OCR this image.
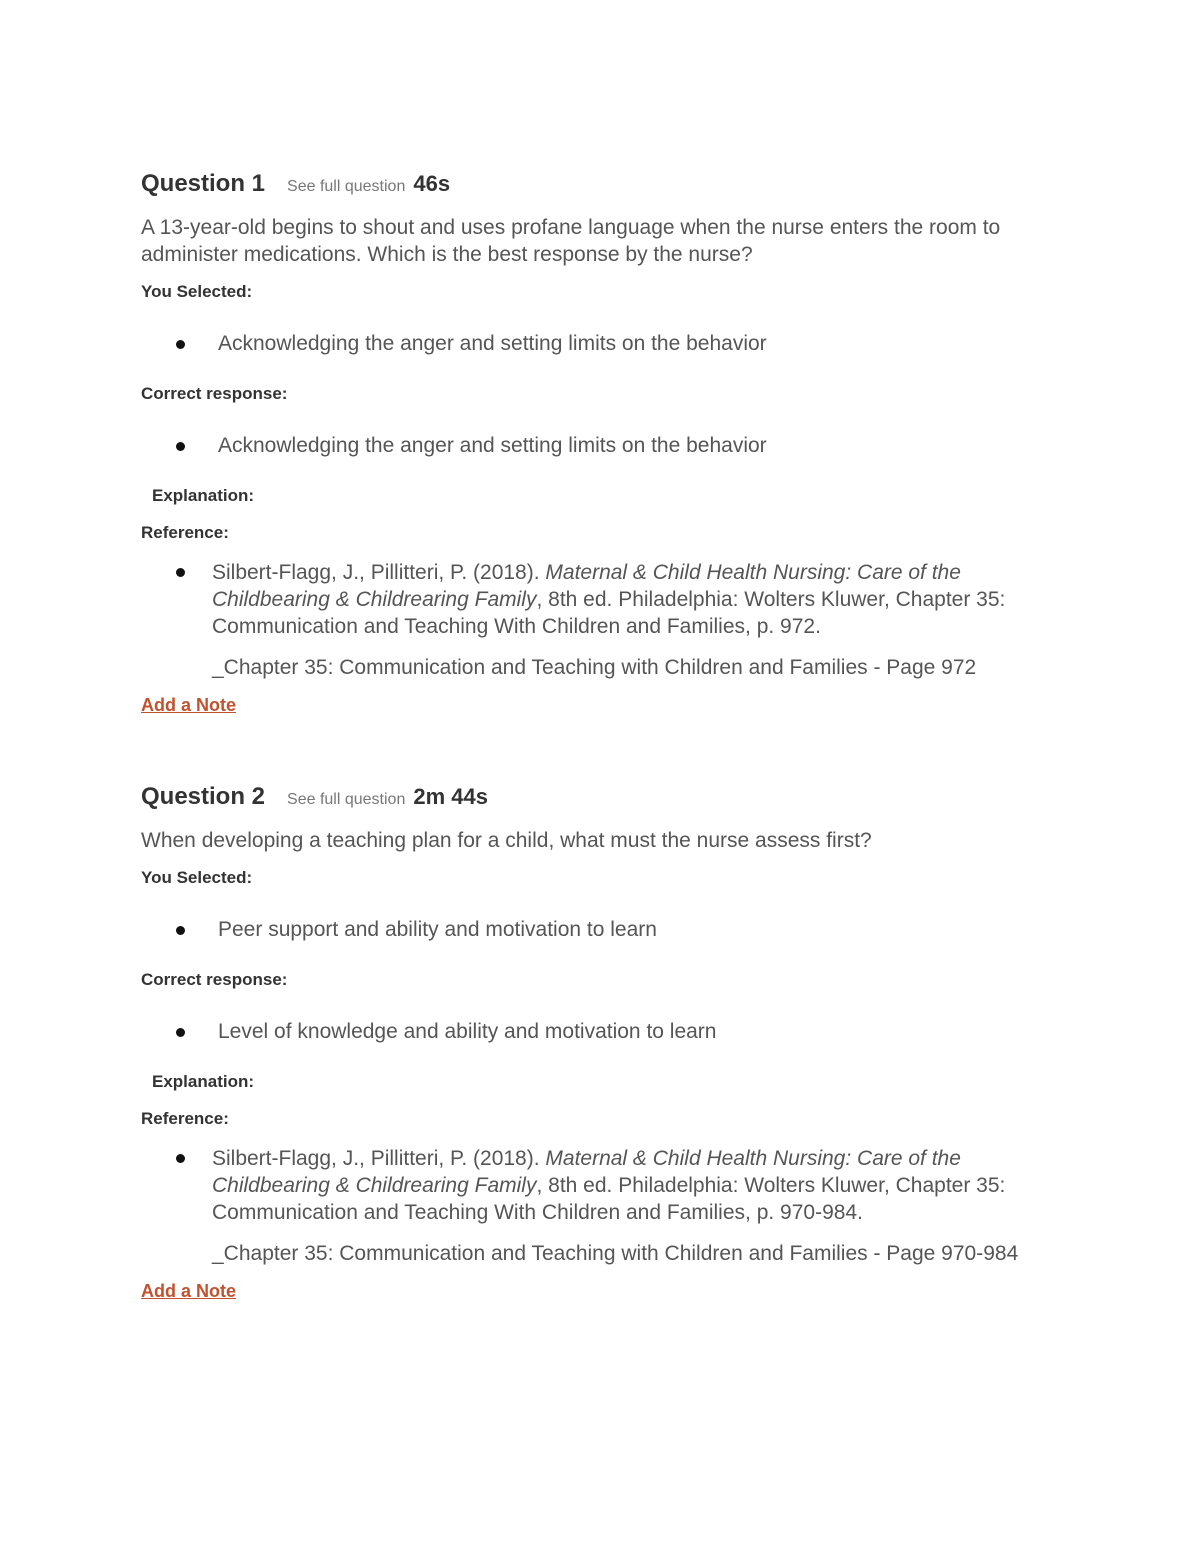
Question 1 See full question 46s
A 13-year-old begins to shout and uses profane language when the nurse enters the room to administer medications. Which is the best response by the nurse?
You Selected:
Acknowledging the anger and setting limits on the behavior
Correct response:
Acknowledging the anger and setting limits on the behavior
Explanation:
Reference:
Silbert-Flagg, J., Pillitteri, P. (2018). Maternal & Child Health Nursing: Care of the Childbearing & Childrearing Family, 8th ed. Philadelphia: Wolters Kluwer, Chapter 35: Communication and Teaching With Children and Families, p. 972.
_Chapter 35: Communication and Teaching with Children and Families - Page 972
Add a Note
Question 2 See full question 2m 44s
When developing a teaching plan for a child, what must the nurse assess first?
You Selected:
Peer support and ability and motivation to learn
Correct response:
Level of knowledge and ability and motivation to learn
Explanation:
Reference:
Silbert-Flagg, J., Pillitteri, P. (2018). Maternal & Child Health Nursing: Care of the Childbearing & Childrearing Family, 8th ed. Philadelphia: Wolters Kluwer, Chapter 35: Communication and Teaching With Children and Families, p. 970-984.
_Chapter 35: Communication and Teaching with Children and Families - Page 970-984
Add a Note
